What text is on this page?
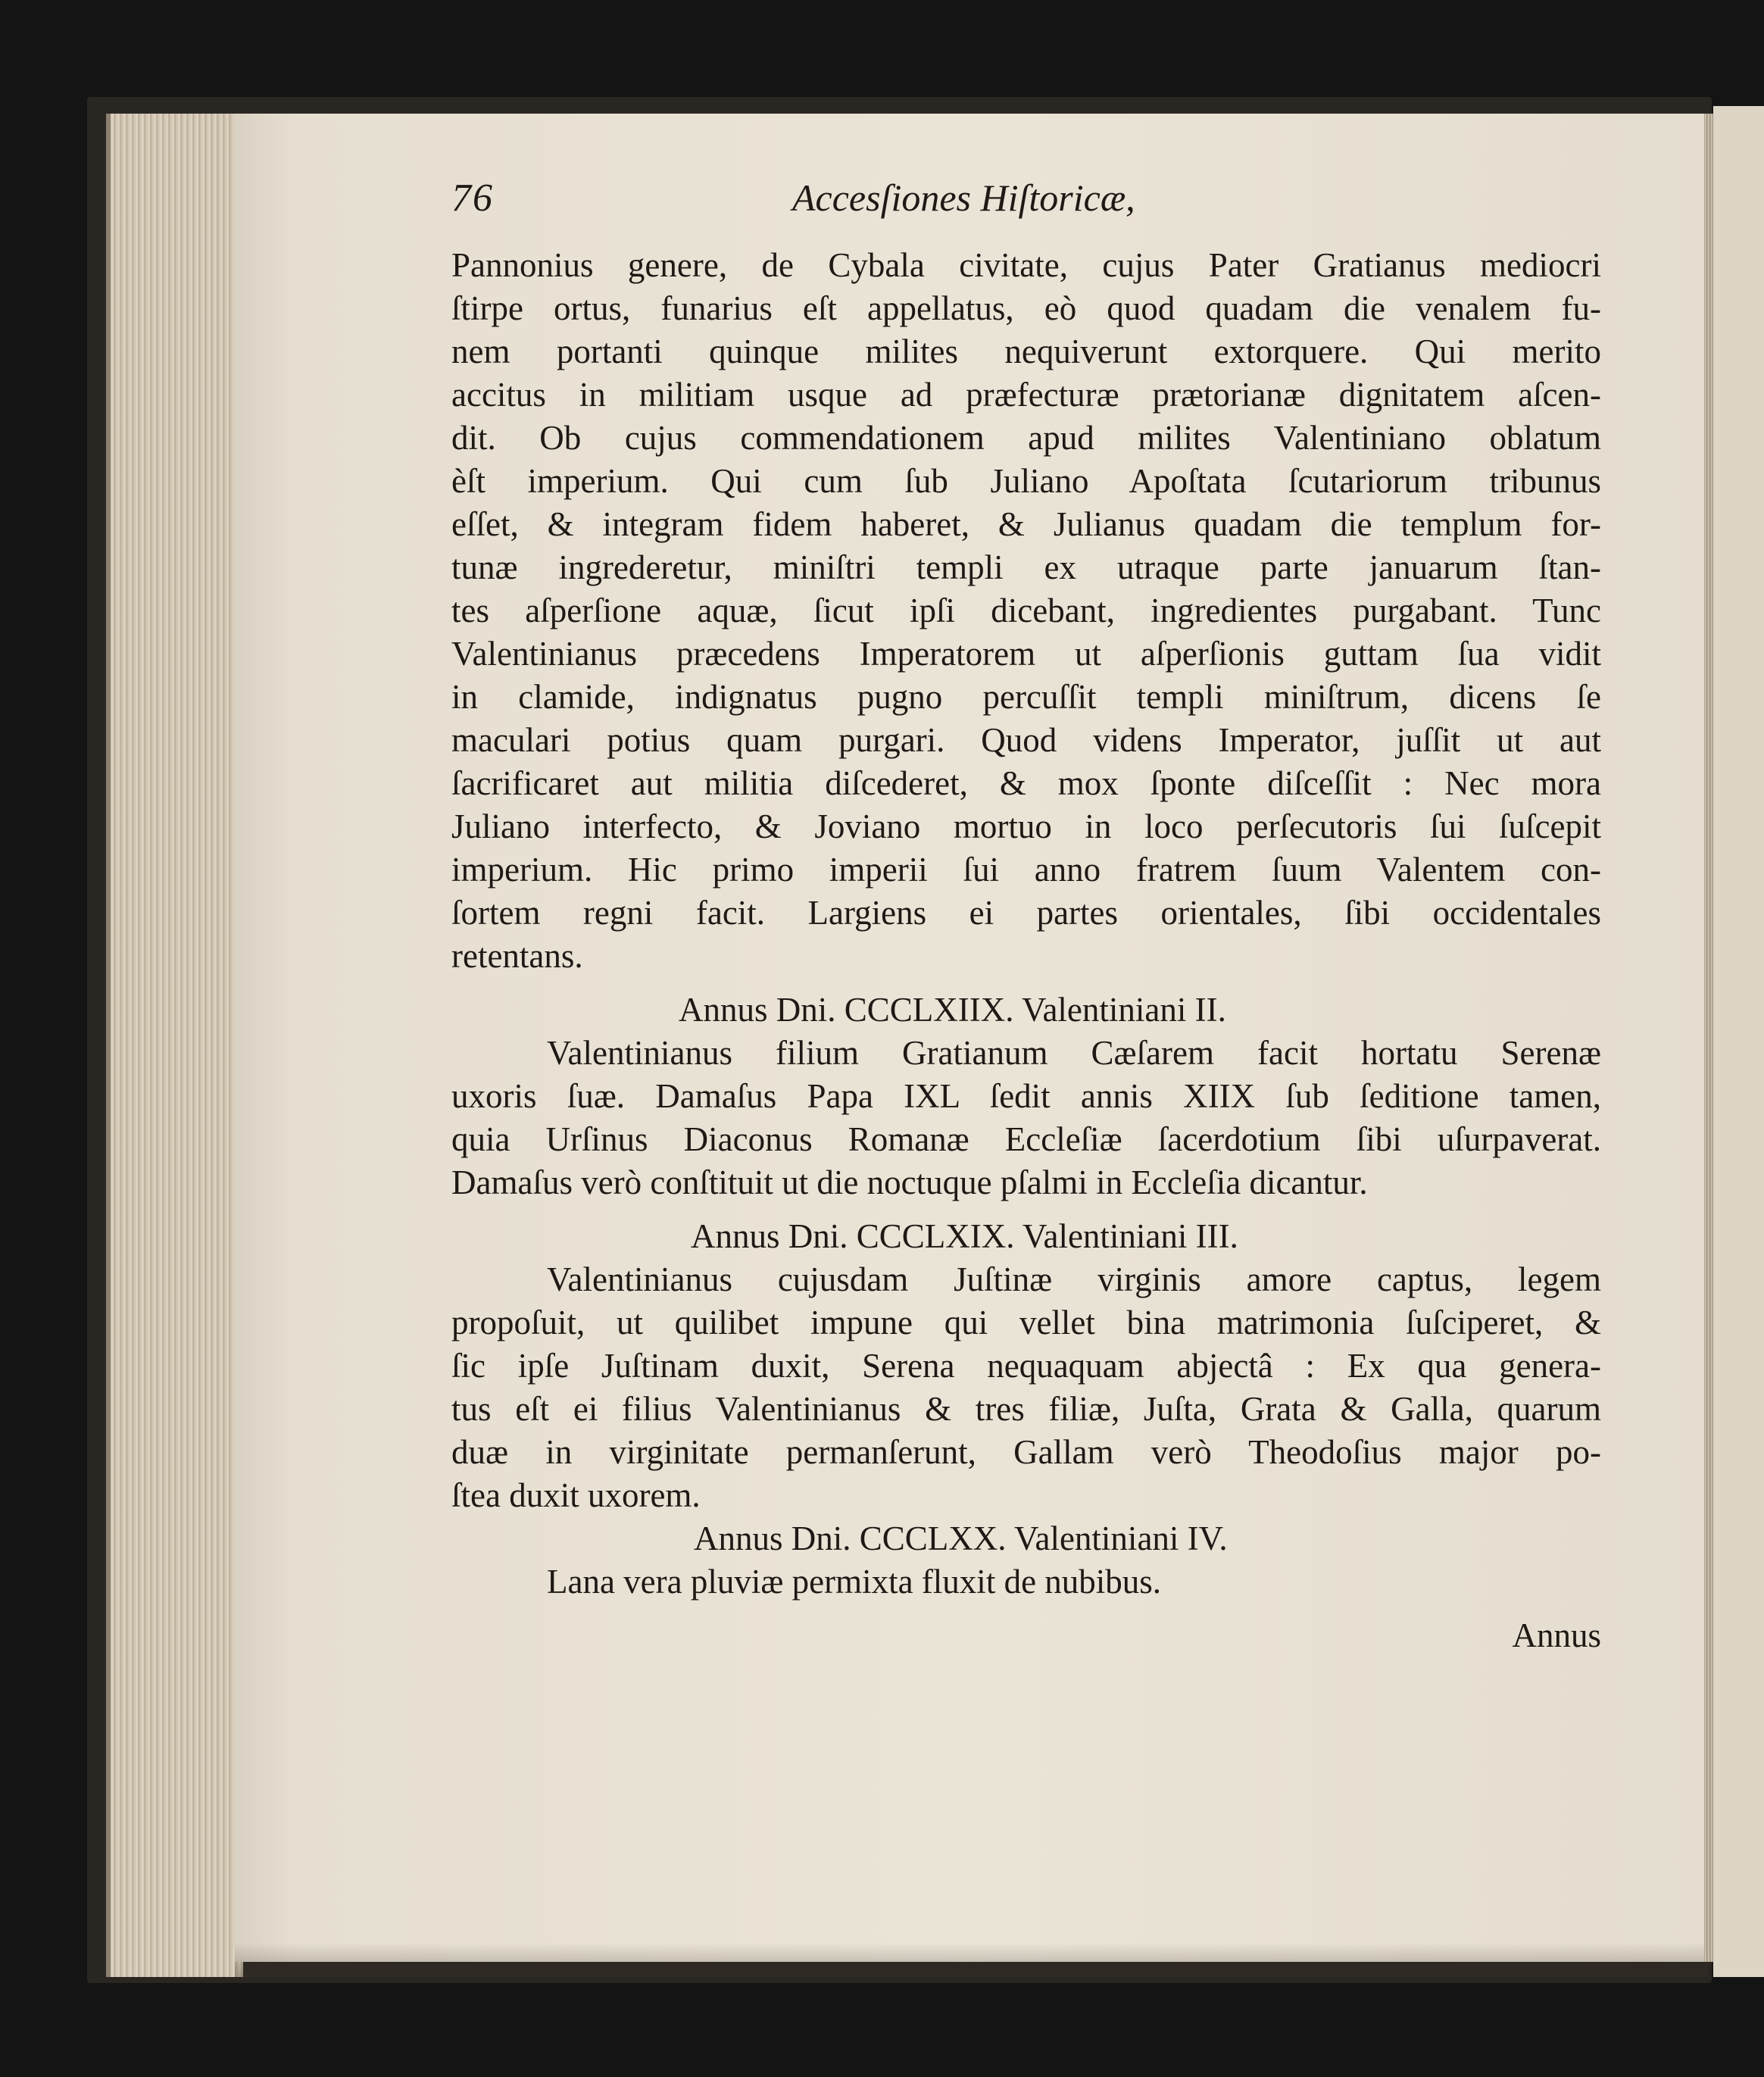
76	Accesſiones Hiſtoricæ,
Pannonius genere, de Cybala civitate, cujus Pater Gratianus mediocri
ſtirpe ortus, funarius eſt appellatus, eò quod quadam die venalem fu-
nem portanti quinque milites nequiverunt extorquere. Qui merito
accitus in militiam usque ad præfecturæ prætorianæ dignitatem aſcen-
dit. Ob cujus commendationem apud milites Valentiniano oblatum
èſt imperium. Qui cum ſub Juliano Apoſtata ſcutariorum tribunus
eſſet, & integram fidem haberet, & Julianus quadam die templum for-
tunæ ingrederetur, miniſtri templi ex utraque parte januarum ſtan-
tes aſperſione aquæ, ſicut ipſi dicebant, ingredientes purgabant. Tunc
Valentinianus præcedens Imperatorem ut aſperſionis guttam ſua vidit
in clamide, indignatus pugno percuſſit templi miniſtrum, dicens ſe
maculari potius quam purgari. Quod videns Imperator, juſſit ut aut
ſacrificaret aut militia diſcederet, & mox ſponte diſceſſit : Nec mora
Juliano interfecto, & Joviano mortuo in loco perſecutoris ſui ſuſcepit
imperium. Hic primo imperii ſui anno fratrem ſuum Valentem con-
ſortem regni facit. Largiens ei partes orientales, ſibi occidentales
retentans.
Annus Dni. CCCLXIIX. Valentiniani II.
Valentinianus filium Gratianum Cæſarem facit hortatu Serenæ
uxoris ſuæ. Damaſus Papa IXL ſedit annis XIIX ſub ſeditione tamen,
quia Urſinus Diaconus Romanæ Eccleſiæ ſacerdotium ſibi uſurpaverat.
Damaſus verò conſtituit ut die noctuque pſalmi in Eccleſia dicantur.
Annus Dni. CCCLXIX. Valentiniani III.
Valentinianus cujusdam Juſtinæ virginis amore captus, legem
propoſuit, ut quilibet impune qui vellet bina matrimonia ſuſciperet, &
ſic ipſe Juſtinam duxit, Serena nequaquam abjectâ : Ex qua genera-
tus eſt ei filius Valentinianus & tres filiæ, Juſta, Grata & Galla, quarum
duæ in virginitate permanſerunt, Gallam verò Theodoſius major po-
ſtea duxit uxorem.
Annus Dni. CCCLXX. Valentiniani IV.
Lana vera pluviæ permixta fluxit de nubibus.
Annus
